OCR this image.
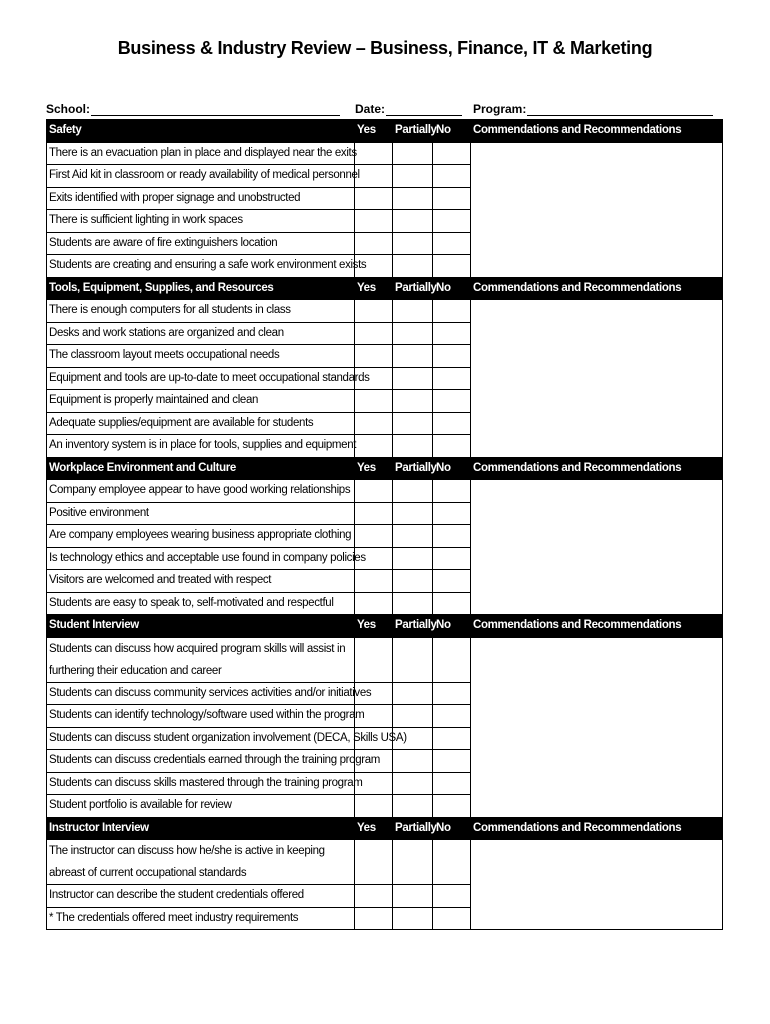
Business & Industry Review – Business, Finance, IT & Marketing
School:	Date:	Program:
Safety	Yes	Partially	No	Commendations and Recommendations
There is an evacuation plan in place and displayed near the exits				
First Aid kit in classroom or ready availability of medical personnel				
Exits identified with proper signage and unobstructed				
There is sufficient lighting in work spaces				
Students are aware of fire extinguishers location				
Students are creating and ensuring a safe work environment exists				
Tools, Equipment, Supplies, and Resources	Yes	Partially	No	Commendations and Recommendations
There is enough computers for all students in class				
Desks and work stations are organized and clean				
The classroom layout meets occupational needs				
Equipment and tools are up-to-date to meet occupational standards				
Equipment is properly maintained and clean				
Adequate supplies/equipment are available for students				
An inventory system is in place for tools, supplies and equipment				
Workplace Environment and Culture	Yes	Partially	No	Commendations and Recommendations
Company employee appear to have good working relationships				
Positive environment				
Are company employees wearing business appropriate clothing				
Is technology ethics and acceptable use found in company policies				
Visitors are welcomed and treated with respect				
Students are easy to speak to, self-motivated and respectful				
Student Interview	Yes	Partially	No	Commendations and Recommendations
Students can discuss how acquired program skills will assist in furthering their education and career				
Students can discuss community services activities and/or initiatives				
Students can identify technology/software used within the program				
Students can discuss student organization involvement (DECA, Skills USA)				
Students can discuss credentials earned through the training program				
Students can discuss skills mastered through the training program				
Student portfolio is available for review				
Instructor Interview	Yes	Partially	No	Commendations and Recommendations
The instructor can discuss how he/she is active in keeping abreast of current occupational standards				
Instructor can describe the student credentials offered				
* The credentials offered meet industry requirements				
